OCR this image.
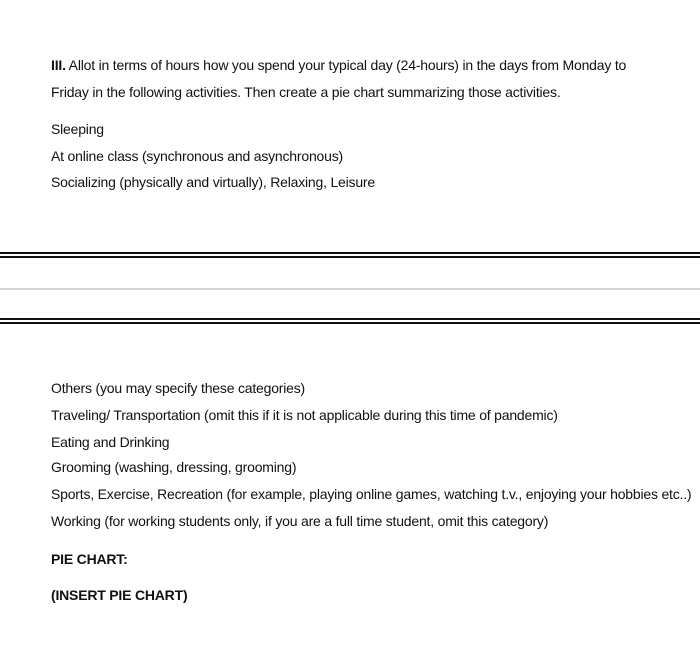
III. Allot in terms of hours how you spend your typical day (24-hours) in the days from Monday to Friday in the following activities. Then create a pie chart summarizing those activities.

Sleeping

At online class (synchronous and asynchronous)

Socializing (physically and virtually), Relaxing, Leisure

Others (you may specify these categories)

Traveling/ Transportation (omit this if it is not applicable during this time of pandemic)

Eating and Drinking

Grooming (washing, dressing, grooming)

Sports, Exercise, Recreation (for example, playing online games, watching t.v., enjoying your hobbies etc..)

Working (for working students only, if you are a full time student, omit this category)

PIE CHART:

(INSERT PIE CHART)
